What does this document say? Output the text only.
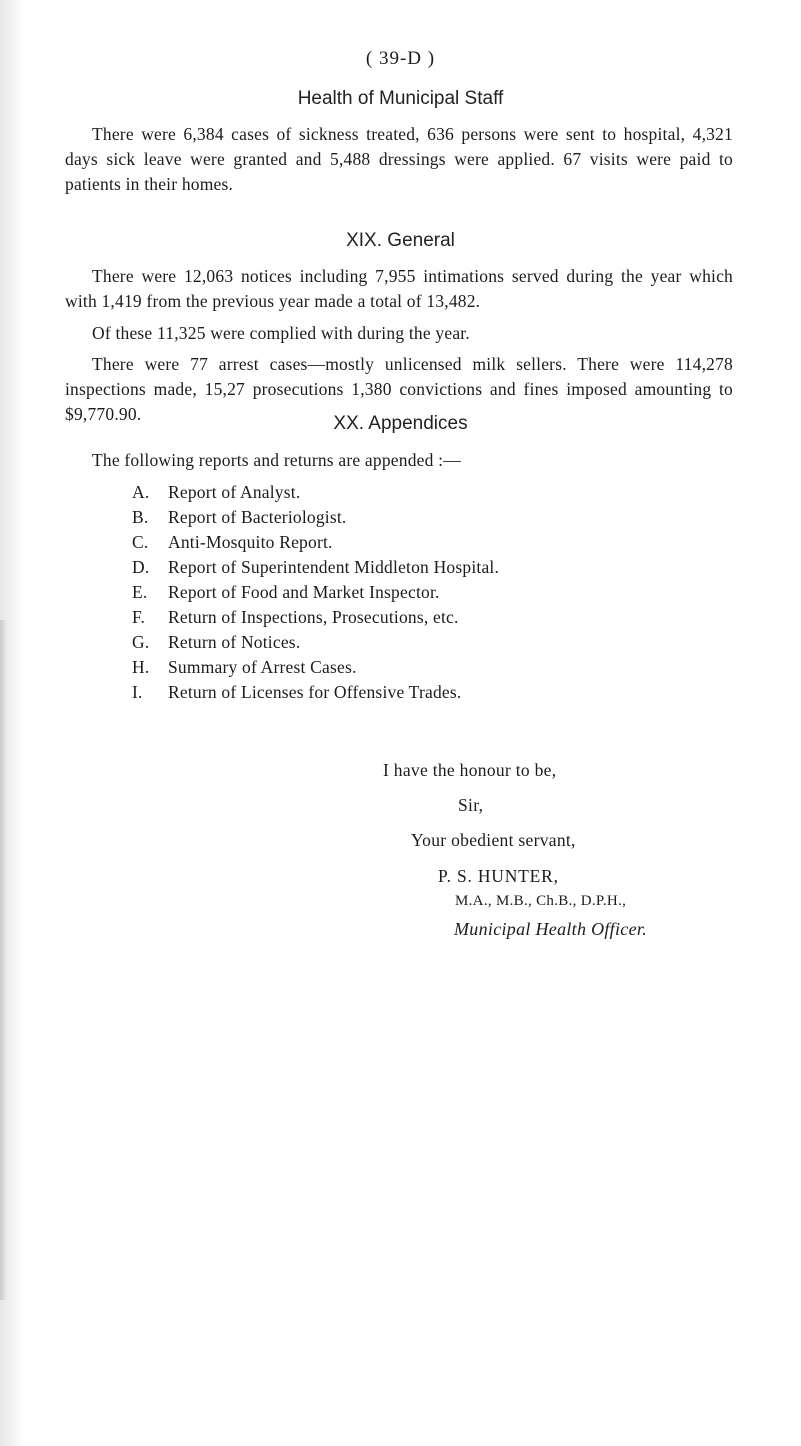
( 39-D )
Health of Municipal Staff

There were 6,384 cases of sickness treated, 636 persons were sent to hospital, 4,321 days sick leave were granted and 5,488 dressings were applied. 67 visits were paid to patients in their homes.

XIX. General

There were 12,063 notices including 7,955 intimations served during the year which with 1,419 from the previous year made a total of 13,482.

Of these 11,325 were complied with during the year.

There were 77 arrest cases—mostly unlicensed milk sellers. There were 114,278 inspections made, 15,27 prosecutions 1,380 convictions and fines imposed amounting to $9,770.90.	XX. Appendices

The following reports and returns are appended :—

A.	Report of Analyst.
B.	Report of Bacteriologist.
C.	Anti-Mosquito Report.
D.	Report of Superintendent Middleton Hospital.
E.	Report of Food and Market Inspector.
F.	Return of Inspections, Prosecutions, etc.
G.	Return of Notices.
H.	Summary of Arrest Cases.
I.	Return of Licenses for Offensive Trades.
I have the honour to be,
Sir,
Your obedient servant,
P. S. HUNTER,
M.A., M.B., Ch.B., D.P.H.,
Municipal Health Officer.
